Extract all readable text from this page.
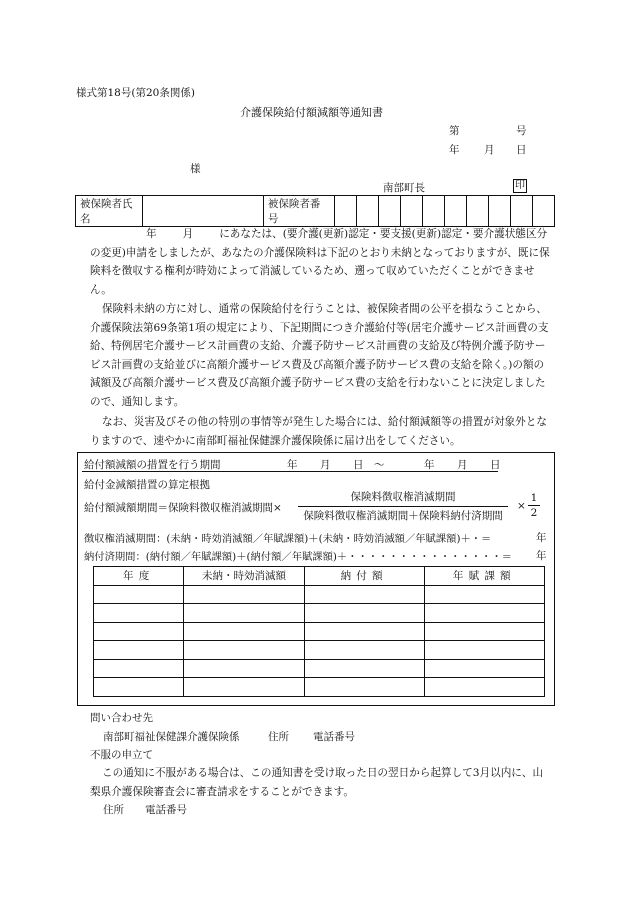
様式第18号(第20条関係)
介護保険給付額減額等通知書
第	号
年 月 日
様
南部町長	印
被保険者氏名		被保険者番号										
年 月 にあなたは、(要介護(更新)認定・要支援(更新)認定・要介護状態区分の変更)申請をしましたが、あなたの介護保険料は下記のとおり未納となっておりますが、既に保険料を徴収する権利が時効によって消滅しているため、遡って収めていただくことができません。
保険料未納の方に対し、通常の保険給付を行うことは、被保険者間の公平を損なうことから、介護保険法第69条第1項の規定により、下記期間につき介護給付等(居宅介護サービス計画費の支給、特例居宅介護サービス計画費の支給、介護予防サービス計画費の支給及び特例介護予防サービス計画費の支給並びに高額介護サービス費及び高額介護予防サービス費の支給を除く。)の額の減額及び高額介護サービス費及び高額介護予防サービス費の支給を行わないことに決定しましたので、通知します。
なお、災害及びその他の特別の事情等が発生した場合には、給付額減額等の措置が対象外となりますので、速やかに南部町福祉保健課介護保険係に届け出をしてください。
給付額減額の措置を行う期間	年 月 日 ～	年 月 日
給付金減額措置の算定根拠
給付額減額期間＝保険料徴収権消滅期間×
保険料徴収権消滅期間
保険料徴収権消滅期間＋保険料納付済期間
×
1
2
徴収権消滅期間：(未納・時効消滅額／年賦課額)＋(未納・時効消滅額／年賦課額)＋・＝	年
納付済期間：(納付額／年賦課額)＋(納付額／年賦課額)＋・・・・・・・・・・・・・・・＝ 年
年度	未納・時効消滅額	納付額	年賦課額

問い合わせ先
南部町福祉保健課介護保険係	住所 電話番号
不服の申立て
この通知に不服がある場合は、この通知書を受け取った日の翌日から起算して3月以内に、山梨県介護保険審査会に審査請求をすることができます。
住所 電話番号
